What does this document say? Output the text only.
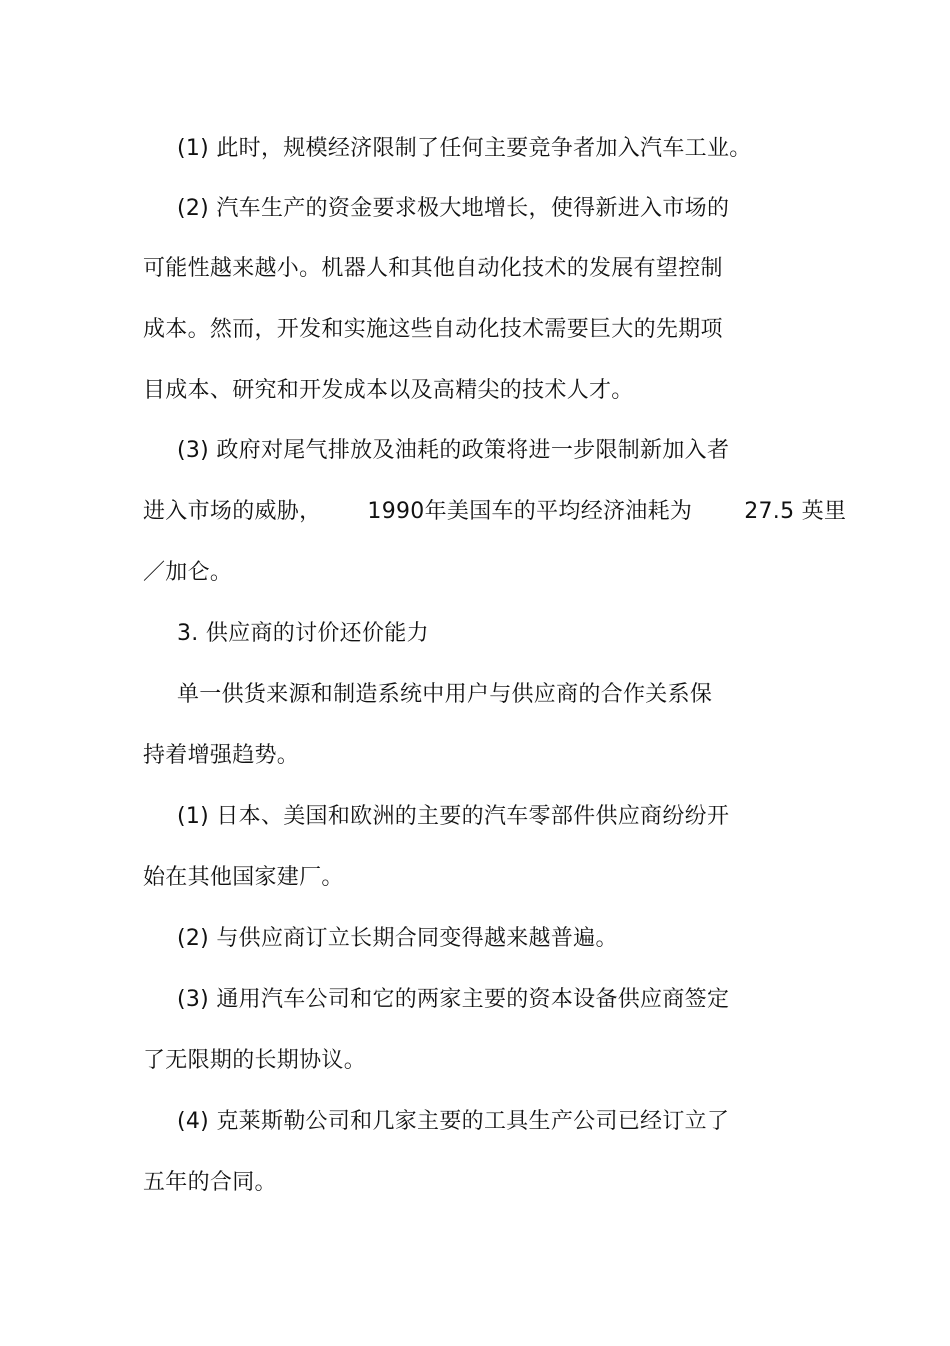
(1) 此时，规模经济限制了任何主要竞争者加入汽车工业。
(2) 汽车生产的资金要求极大地增长，使得新进入市场的
可能性越来越小。机器人和其他自动化技术的发展有望控制
成本。然而，开发和实施这些自动化技术需要巨大的先期项
目成本、研究和开发成本以及高精尖的技术人才。
(3) 政府对尾气排放及油耗的政策将进一步限制新加入者
进入市场的威胁， 1990年美国车的平均经济油耗为 27.5 英里
／加仑。
3. 供应商的讨价还价能力
单一供货来源和制造系统中用户与供应商的合作关系保
持着增强趋势。
(1) 日本、美国和欧洲的主要的汽车零部件供应商纷纷开
始在其他国家建厂。
(2) 与供应商订立长期合同变得越来越普遍。
(3) 通用汽车公司和它的两家主要的资本设备供应商签定
了无限期的长期协议。
(4) 克莱斯勒公司和几家主要的工具生产公司已经订立了
五年的合同。
